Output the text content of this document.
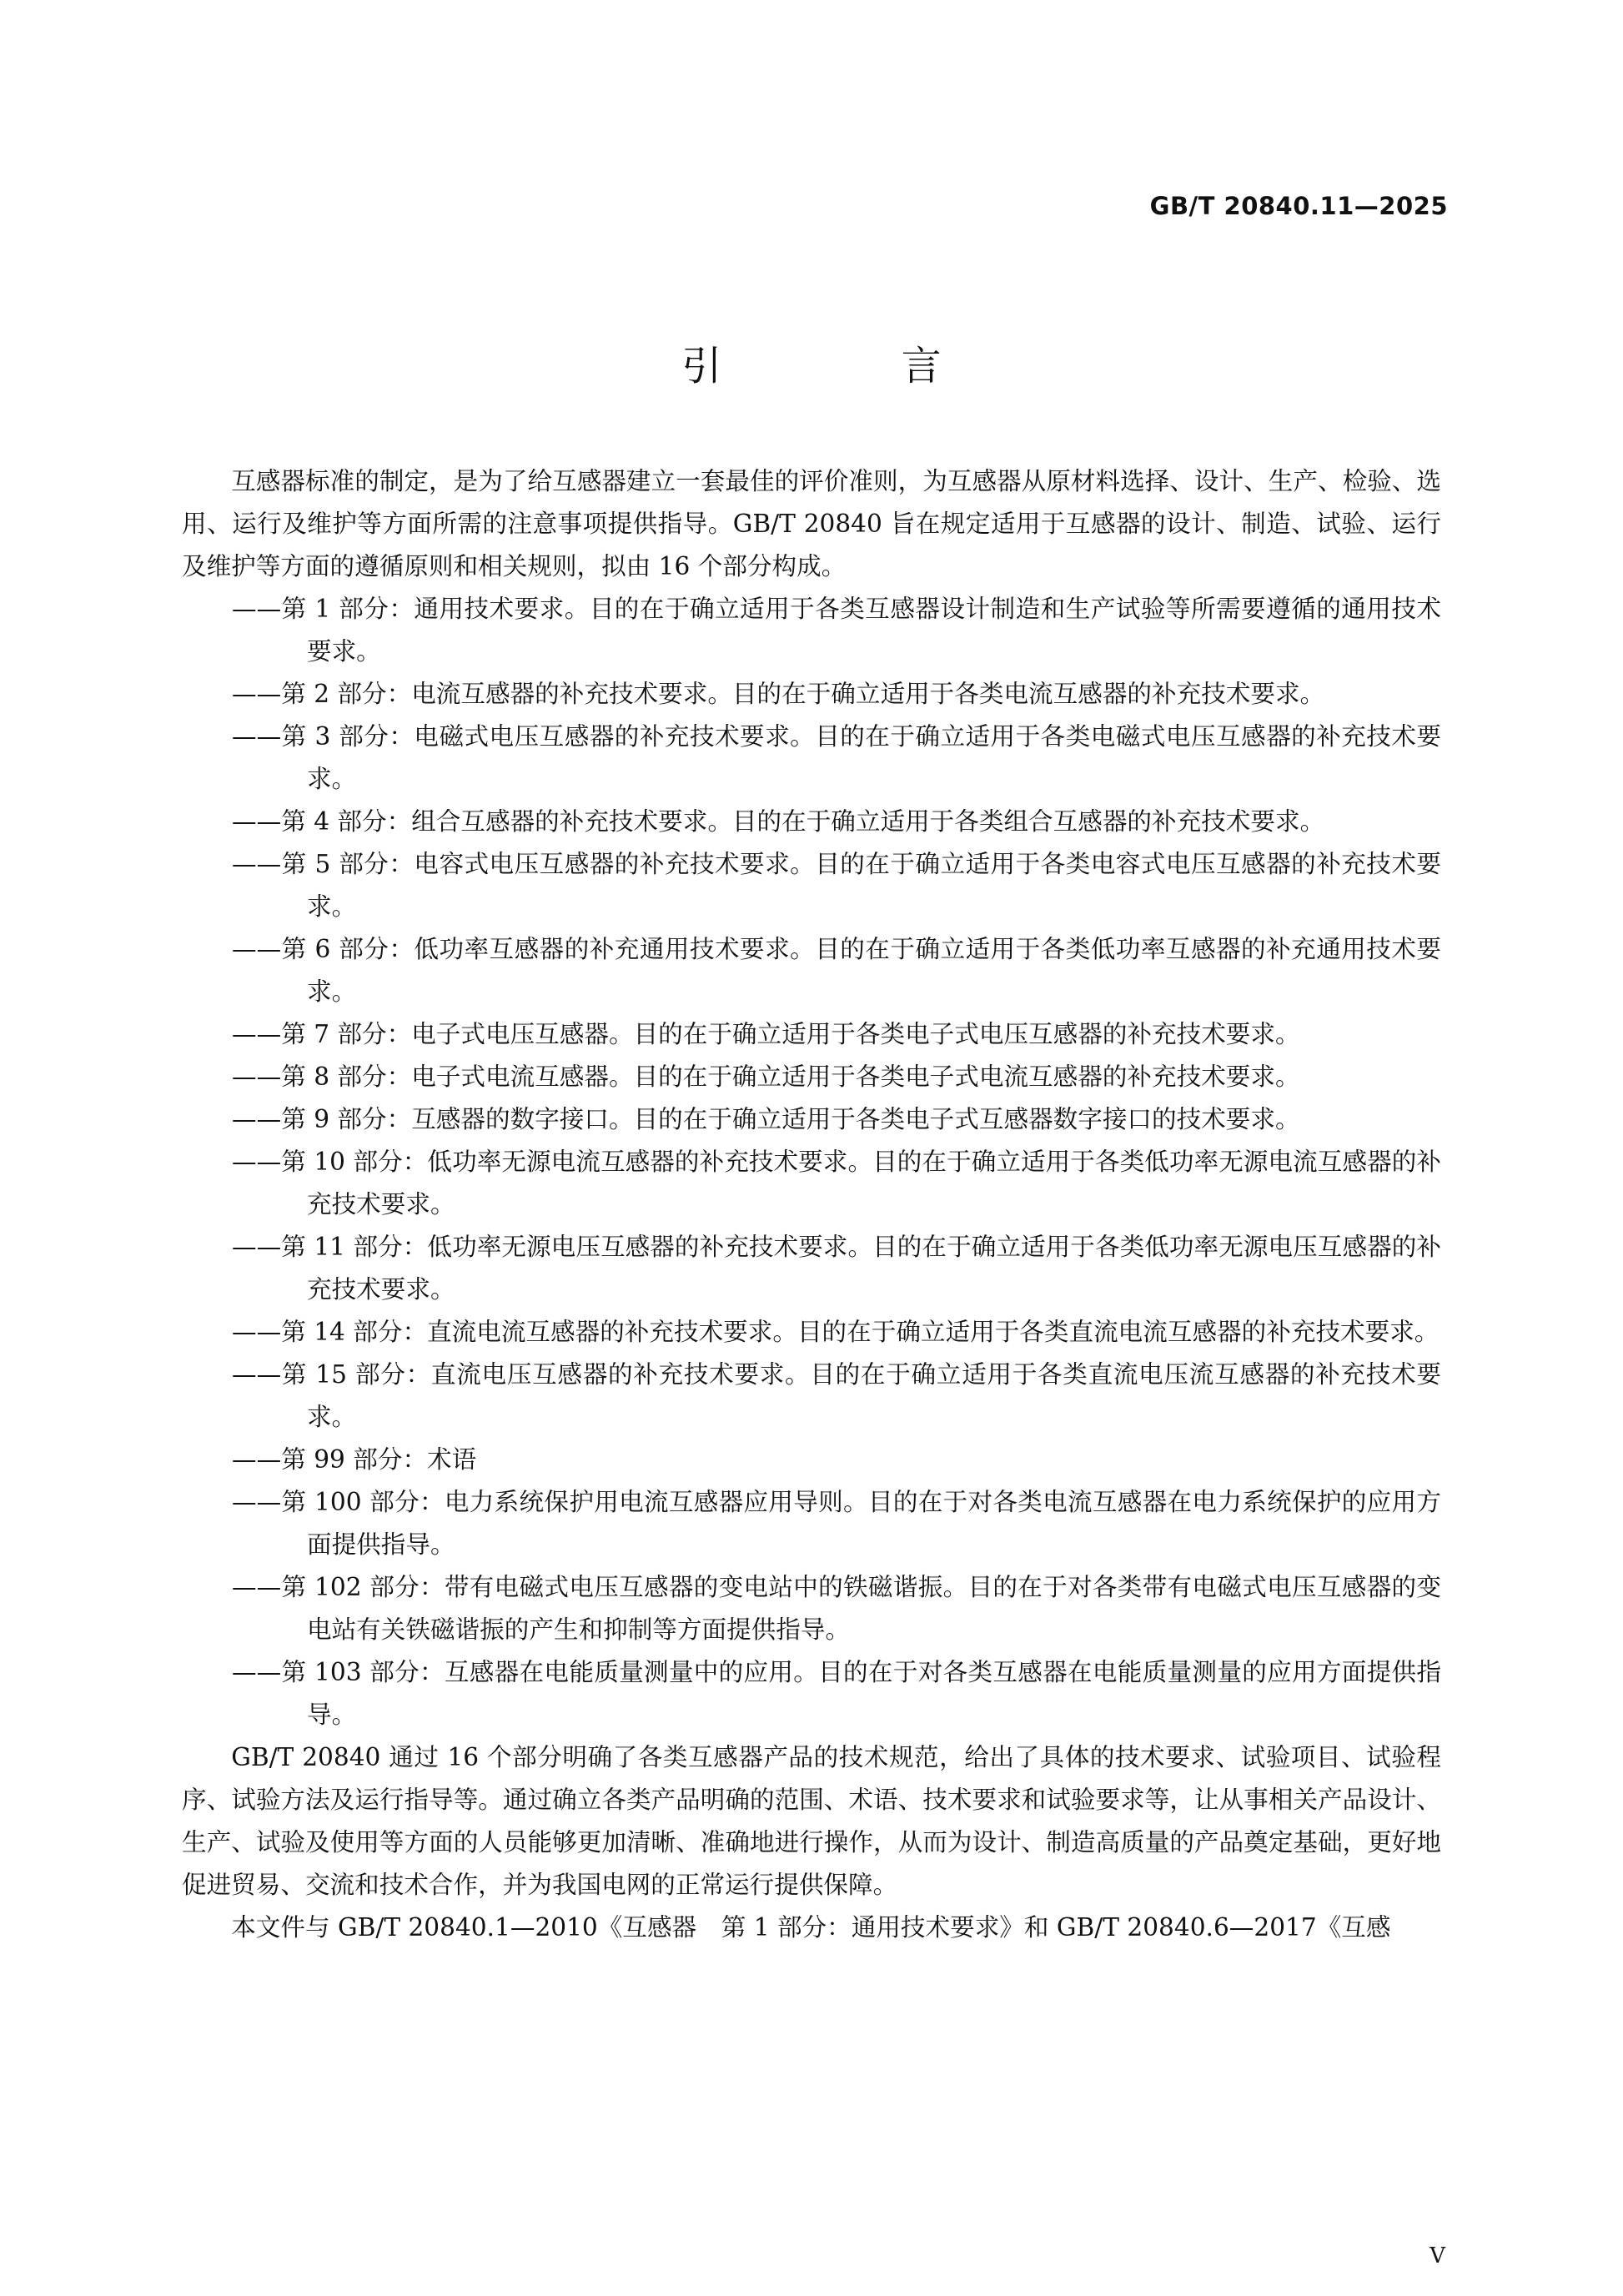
GB/T 20840.11—2025
引 言

互感器标准的制定，是为了给互感器建立一套最佳的评价准则，为互感器从原材料选择、设计、生产、检验、选用、运行及维护等方面所需的注意事项提供指导。GB/T 20840 旨在规定适用于互感器的设计、制造、试验、运行及维护等方面的遵循原则和相关规则，拟由 16 个部分构成。

——第 1 部分：通用技术要求。目的在于确立适用于各类互感器设计制造和生产试验等所需要遵循的通用技术要求。
——第 2 部分：电流互感器的补充技术要求。目的在于确立适用于各类电流互感器的补充技术要求。
——第 3 部分：电磁式电压互感器的补充技术要求。目的在于确立适用于各类电磁式电压互感器的补充技术要求。
——第 4 部分：组合互感器的补充技术要求。目的在于确立适用于各类组合互感器的补充技术要求。
——第 5 部分：电容式电压互感器的补充技术要求。目的在于确立适用于各类电容式电压互感器的补充技术要求。
——第 6 部分：低功率互感器的补充通用技术要求。目的在于确立适用于各类低功率互感器的补充通用技术要求。
——第 7 部分：电子式电压互感器。目的在于确立适用于各类电子式电压互感器的补充技术要求。
——第 8 部分：电子式电流互感器。目的在于确立适用于各类电子式电流互感器的补充技术要求。
——第 9 部分：互感器的数字接口。目的在于确立适用于各类电子式互感器数字接口的技术要求。
——第 10 部分：低功率无源电流互感器的补充技术要求。目的在于确立适用于各类低功率无源电流互感器的补充技术要求。
——第 11 部分：低功率无源电压互感器的补充技术要求。目的在于确立适用于各类低功率无源电压互感器的补充技术要求。
——第 14 部分：直流电流互感器的补充技术要求。目的在于确立适用于各类直流电流互感器的补充技术要求。
——第 15 部分：直流电压互感器的补充技术要求。目的在于确立适用于各类直流电压流互感器的补充技术要求。
——第 99 部分：术语
——第 100 部分：电力系统保护用电流互感器应用导则。目的在于对各类电流互感器在电力系统保护的应用方面提供指导。
——第 102 部分：带有电磁式电压互感器的变电站中的铁磁谐振。目的在于对各类带有电磁式电压互感器的变电站有关铁磁谐振的产生和抑制等方面提供指导。
——第 103 部分：互感器在电能质量测量中的应用。目的在于对各类互感器在电能质量测量的应用方面提供指导。

GB/T 20840 通过 16 个部分明确了各类互感器产品的技术规范，给出了具体的技术要求、试验项目、试验程序、试验方法及运行指导等。通过确立各类产品明确的范围、术语、技术要求和试验要求等，让从事相关产品设计、生产、试验及使用等方面的人员能够更加清晰、准确地进行操作，从而为设计、制造高质量的产品奠定基础，更好地促进贸易、交流和技术合作，并为我国电网的正常运行提供保障。

本文件与 GB/T 20840.1—2010《互感器　第 1 部分：通用技术要求》和 GB/T 20840.6—2017《互感

V
